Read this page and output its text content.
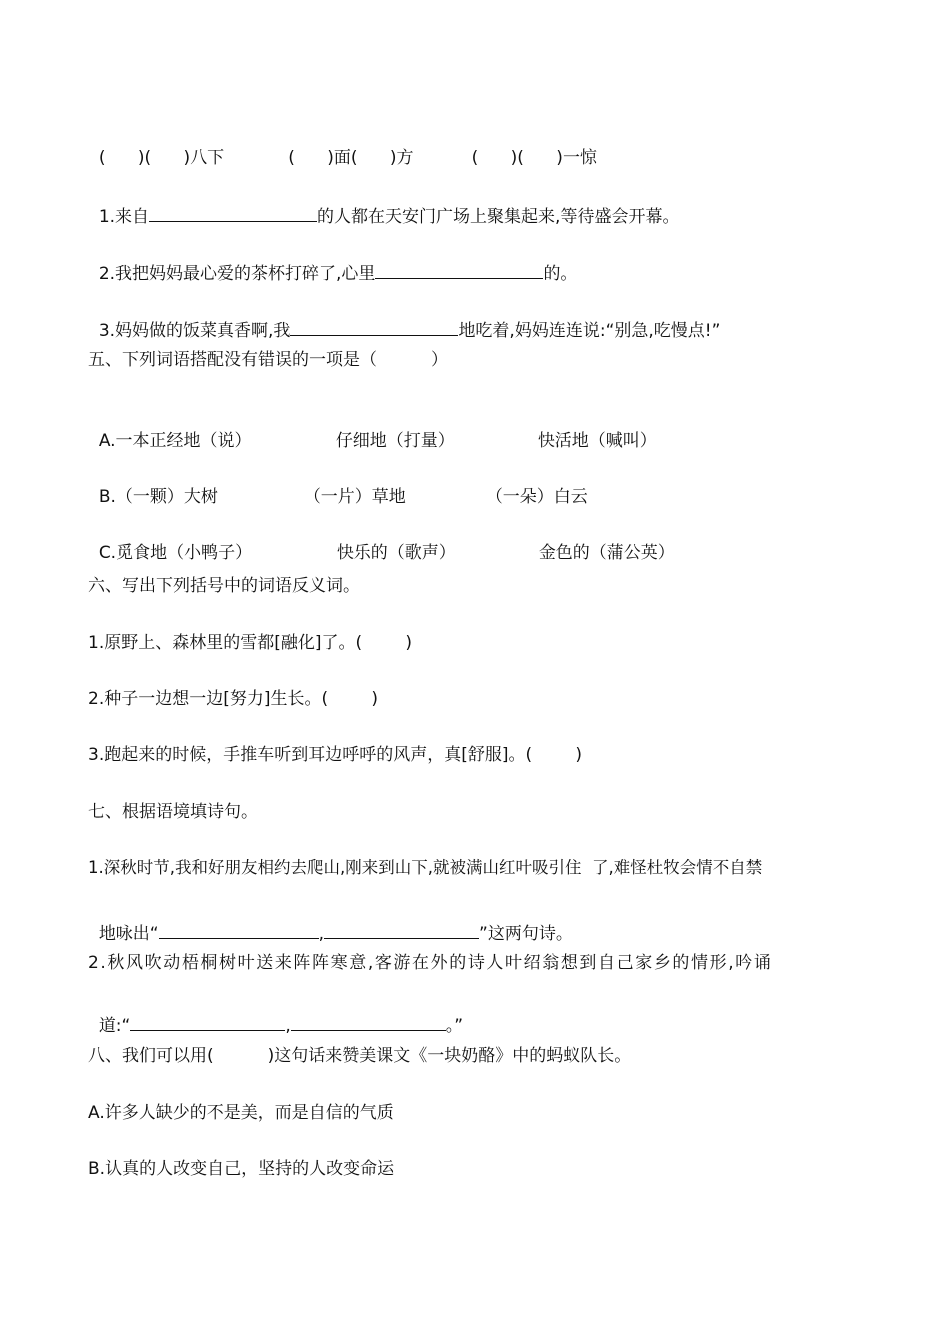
(      )(      )八下	(      )面(      )方	(      )(      )一惊

1.来自	的人都在天安门广场上聚集起来,等待盛会开幕。

2.我把妈妈最心爱的茶杯打碎了,心里	的。

3.妈妈做的饭菜真香啊,我	地吃着,妈妈连连说:“别急,吃慢点!”

五、下列词语搭配没有错误的一项是（          ）

A.一本正经地（说）	仔细地（打量）	快活地（喊叫）

B.（一颗）大树	（一片）草地	（一朵）白云

C.觅食地（小鸭子）	快乐的（歌声）	金色的（蒲公英）

六、写出下列括号中的词语反义词。
1.原野上、森林里的雪都[融化]了。(        )
2.种子一边想一边[努力]生长。(        )
3.跑起来的时候，手推车听到耳边呼呼的风声，真[舒服]。(        )
七、根据语境填诗句。
1.深秋时节,我和好朋友相约去爬山,刚来到山下,就被满山红叶吸引住  了,难怪杜牧会情不自禁

地咏出“	,	”这两句诗。

2.秋风吹动梧桐树叶送来阵阵寒意,客游在外的诗人叶绍翁想到自己家乡的情形,吟诵

道:“	,	。”

八、我们可以用(          )这句话来赞美课文《一块奶酪》中的蚂蚁队长。
A.许多人缺少的不是美，而是自信的气质
B.认真的人改变自己，坚持的人改变命运
